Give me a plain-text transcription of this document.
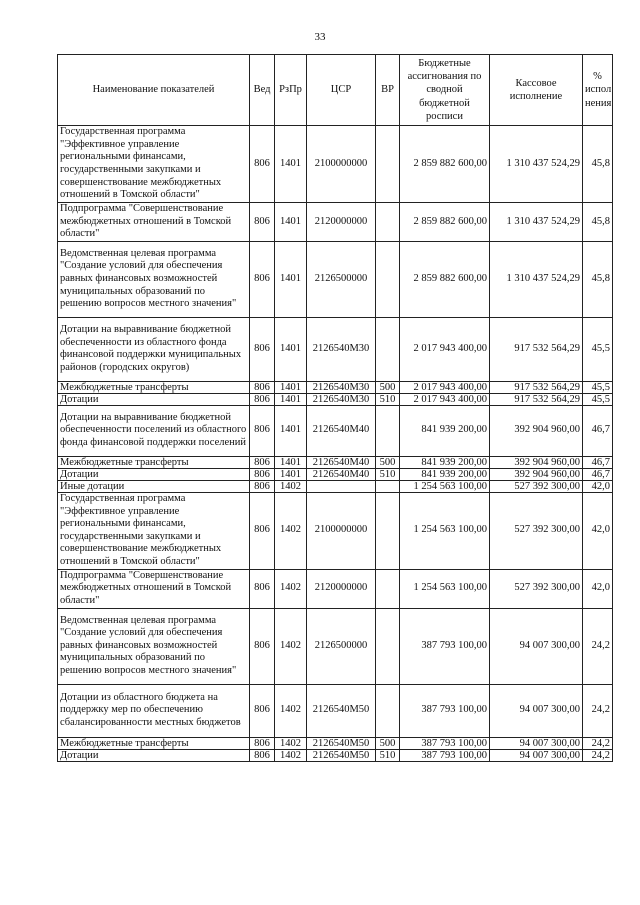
33
Наименование показателей	Вед	РзПр	ЦСР	ВР	Бюджетные ассигнования по сводной бюджетной росписи	Кассовое исполнение	% испол нения
Государственная программа "Эффективное управление региональными финансами, государственными закупками и совершенствование межбюджетных отношений в Томской области"	806	1401	2100000000		2 859 882 600,00	1 310 437 524,29	45,8
Подпрограмма "Совершенствование межбюджетных отношений в Томской области"	806	1401	2120000000		2 859 882 600,00	1 310 437 524,29	45,8
Ведомственная целевая программа "Создание условий для обеспечения равных финансовых возможностей муниципальных образований по решению вопросов местного значения"	806	1401	2126500000		2 859 882 600,00	1 310 437 524,29	45,8
Дотации на выравнивание бюджетной обеспеченности из областного фонда финансовой поддержки муниципальных районов (городских округов)	806	1401	2126540М30		2 017 943 400,00	917 532 564,29	45,5
Межбюджетные трансферты	806	1401	2126540М30	500	2 017 943 400,00	917 532 564,29	45,5
Дотации	806	1401	2126540М30	510	2 017 943 400,00	917 532 564,29	45,5
Дотации на выравнивание бюджетной обеспеченности поселений из областного фонда финансовой поддержки поселений	806	1401	2126540М40		841 939 200,00	392 904 960,00	46,7
Межбюджетные трансферты	806	1401	2126540М40	500	841 939 200,00	392 904 960,00	46,7
Дотации	806	1401	2126540М40	510	841 939 200,00	392 904 960,00	46,7
Иные дотации	806	1402			1 254 563 100,00	527 392 300,00	42,0
Государственная программа "Эффективное управление региональными финансами, государственными закупками и совершенствование межбюджетных отношений в Томской области"	806	1402	2100000000		1 254 563 100,00	527 392 300,00	42,0
Подпрограмма "Совершенствование межбюджетных отношений в Томской области"	806	1402	2120000000		1 254 563 100,00	527 392 300,00	42,0
Ведомственная целевая программа "Создание условий для обеспечения равных финансовых возможностей муниципальных образований по решению вопросов местного значения"	806	1402	2126500000		387 793 100,00	94 007 300,00	24,2
Дотации из областного бюджета на поддержку мер по обеспечению сбалансированности местных бюджетов	806	1402	2126540М50		387 793 100,00	94 007 300,00	24,2
Межбюджетные трансферты	806	1402	2126540М50	500	387 793 100,00	94 007 300,00	24,2
Дотации	806	1402	2126540М50	510	387 793 100,00	94 007 300,00	24,2
